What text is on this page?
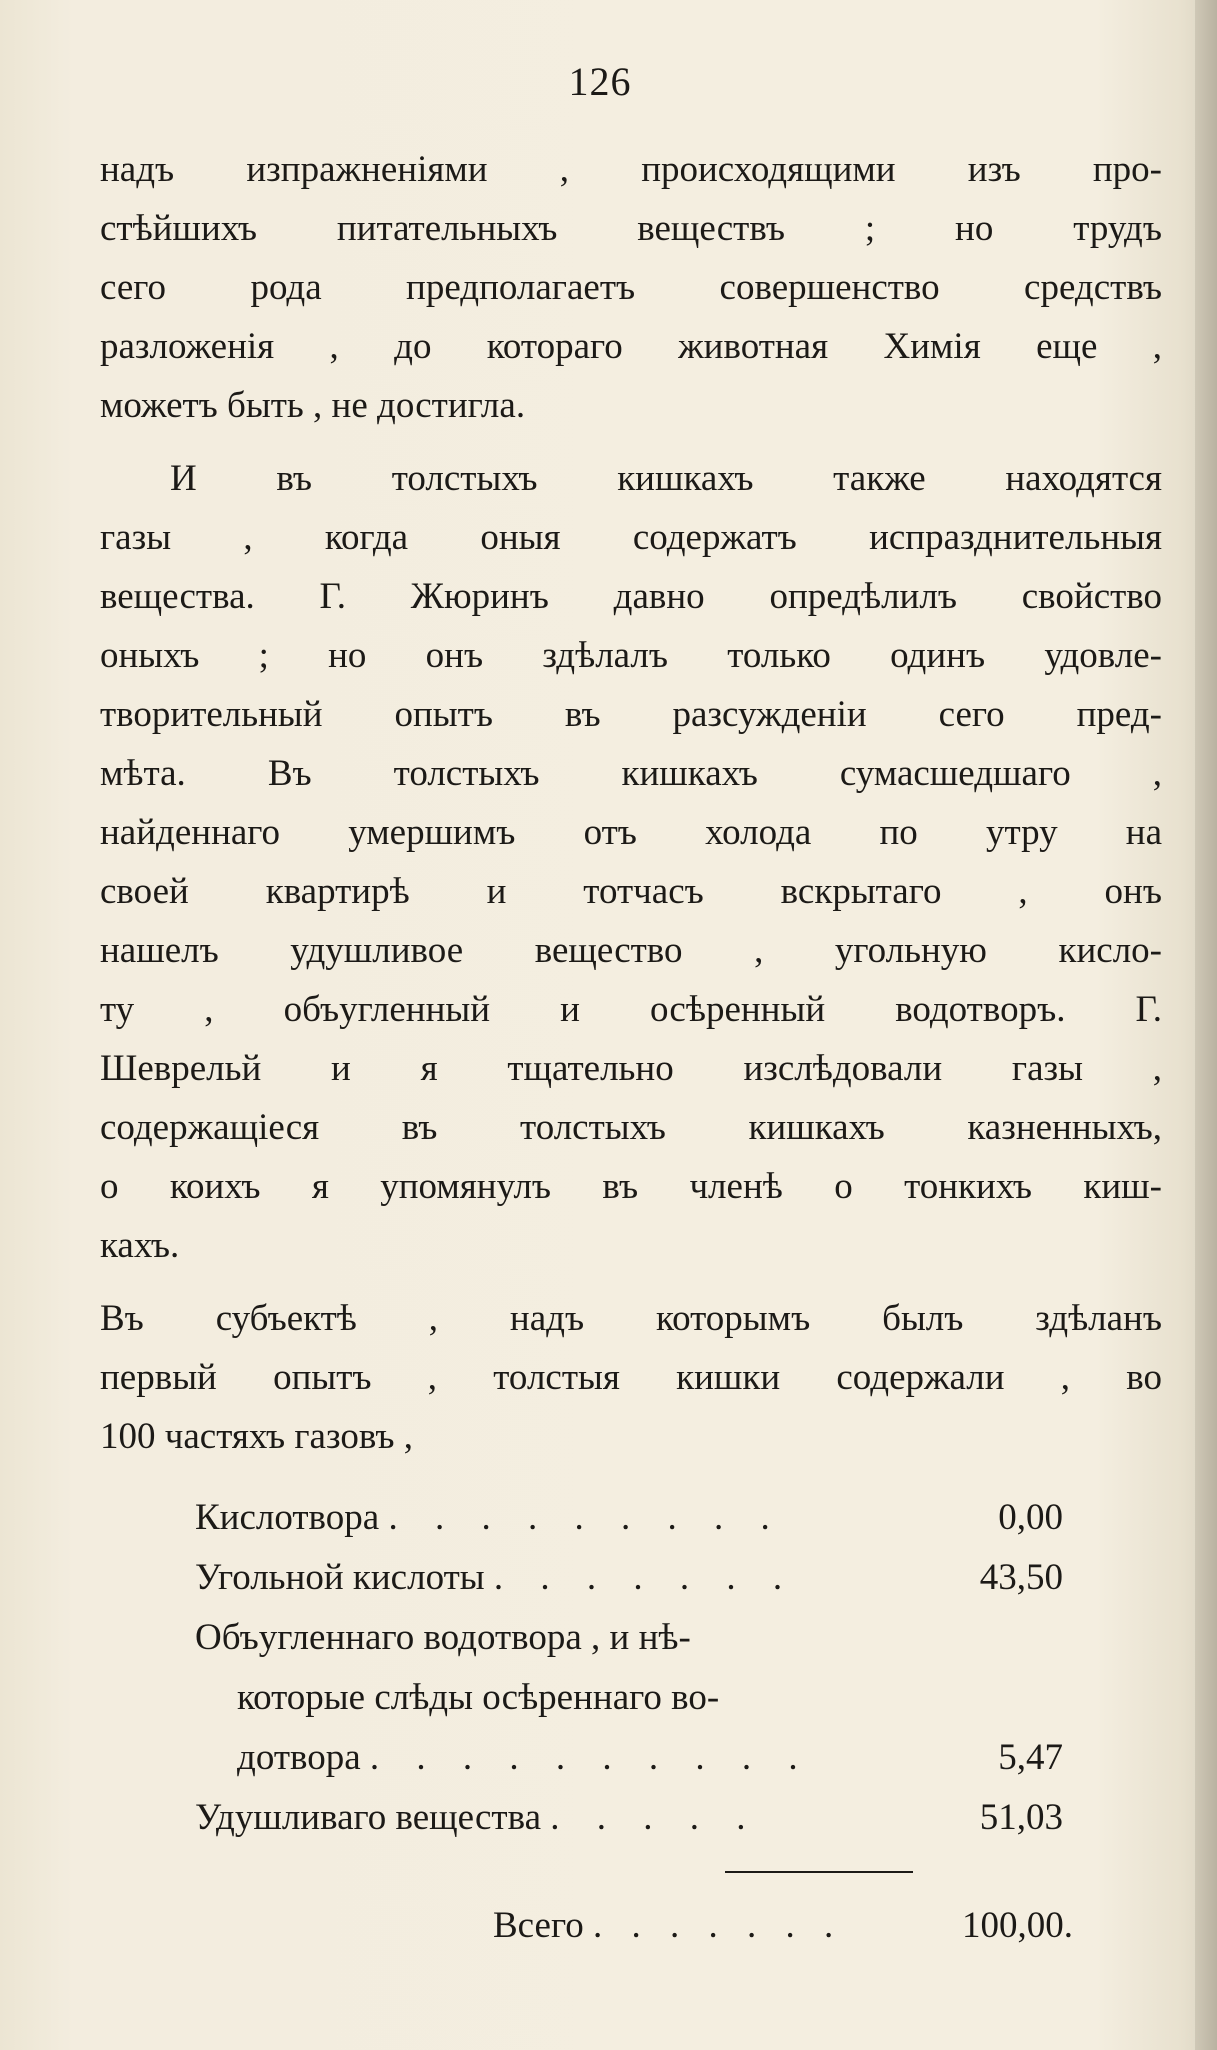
126
надъ изпражненіями , происходящими изъ про-
стѣйшихъ питательныхъ веществъ ; но трудъ
сего рода предполагаетъ совершенство средствъ
разложенія , до котораго животная Химія еще ,
можетъ быть , не достигла.
И въ толстыхъ кишкахъ также находятся
газы , когда оныя содержатъ испразднительныя
вещества. Г. Жюринъ давно опредѣлилъ свойство
оныхъ ; но онъ здѣлалъ только одинъ удовле-
творительный опытъ въ разсужденіи сего пред-
мѣта. Въ толстыхъ кишкахъ сумасшедшаго ,
найденнаго умершимъ отъ холода по утру на
своей квартирѣ и тотчасъ вскрытаго , онъ
нашелъ удушливое вещество , угольную кисло-
ту , объугленный и осѣренный водотворъ. Г.
Шеврельй и я тщательно изслѣдовали газы ,
содержащіеся въ толстыхъ кишкахъ казненныхъ,
о коихъ я упомянулъ въ членѣ о тонкихъ киш-
кахъ.
Въ субъектѣ , надъ которымъ былъ здѣланъ
первый опытъ , толстыя кишки содержали , во
100 частяхъ газовъ ,
Кислотвора . . . . . . . . .	0,00
Угольной кислоты . . . . . . .	43,50
Объугленнаго водотвора , и нѣ-
которые слѣды осѣреннаго во-
дотвора . . . . . . . . . .	5,47
Удушливаго вещества . . . . .	51,03
Всего . . . . . . .	100,00.
